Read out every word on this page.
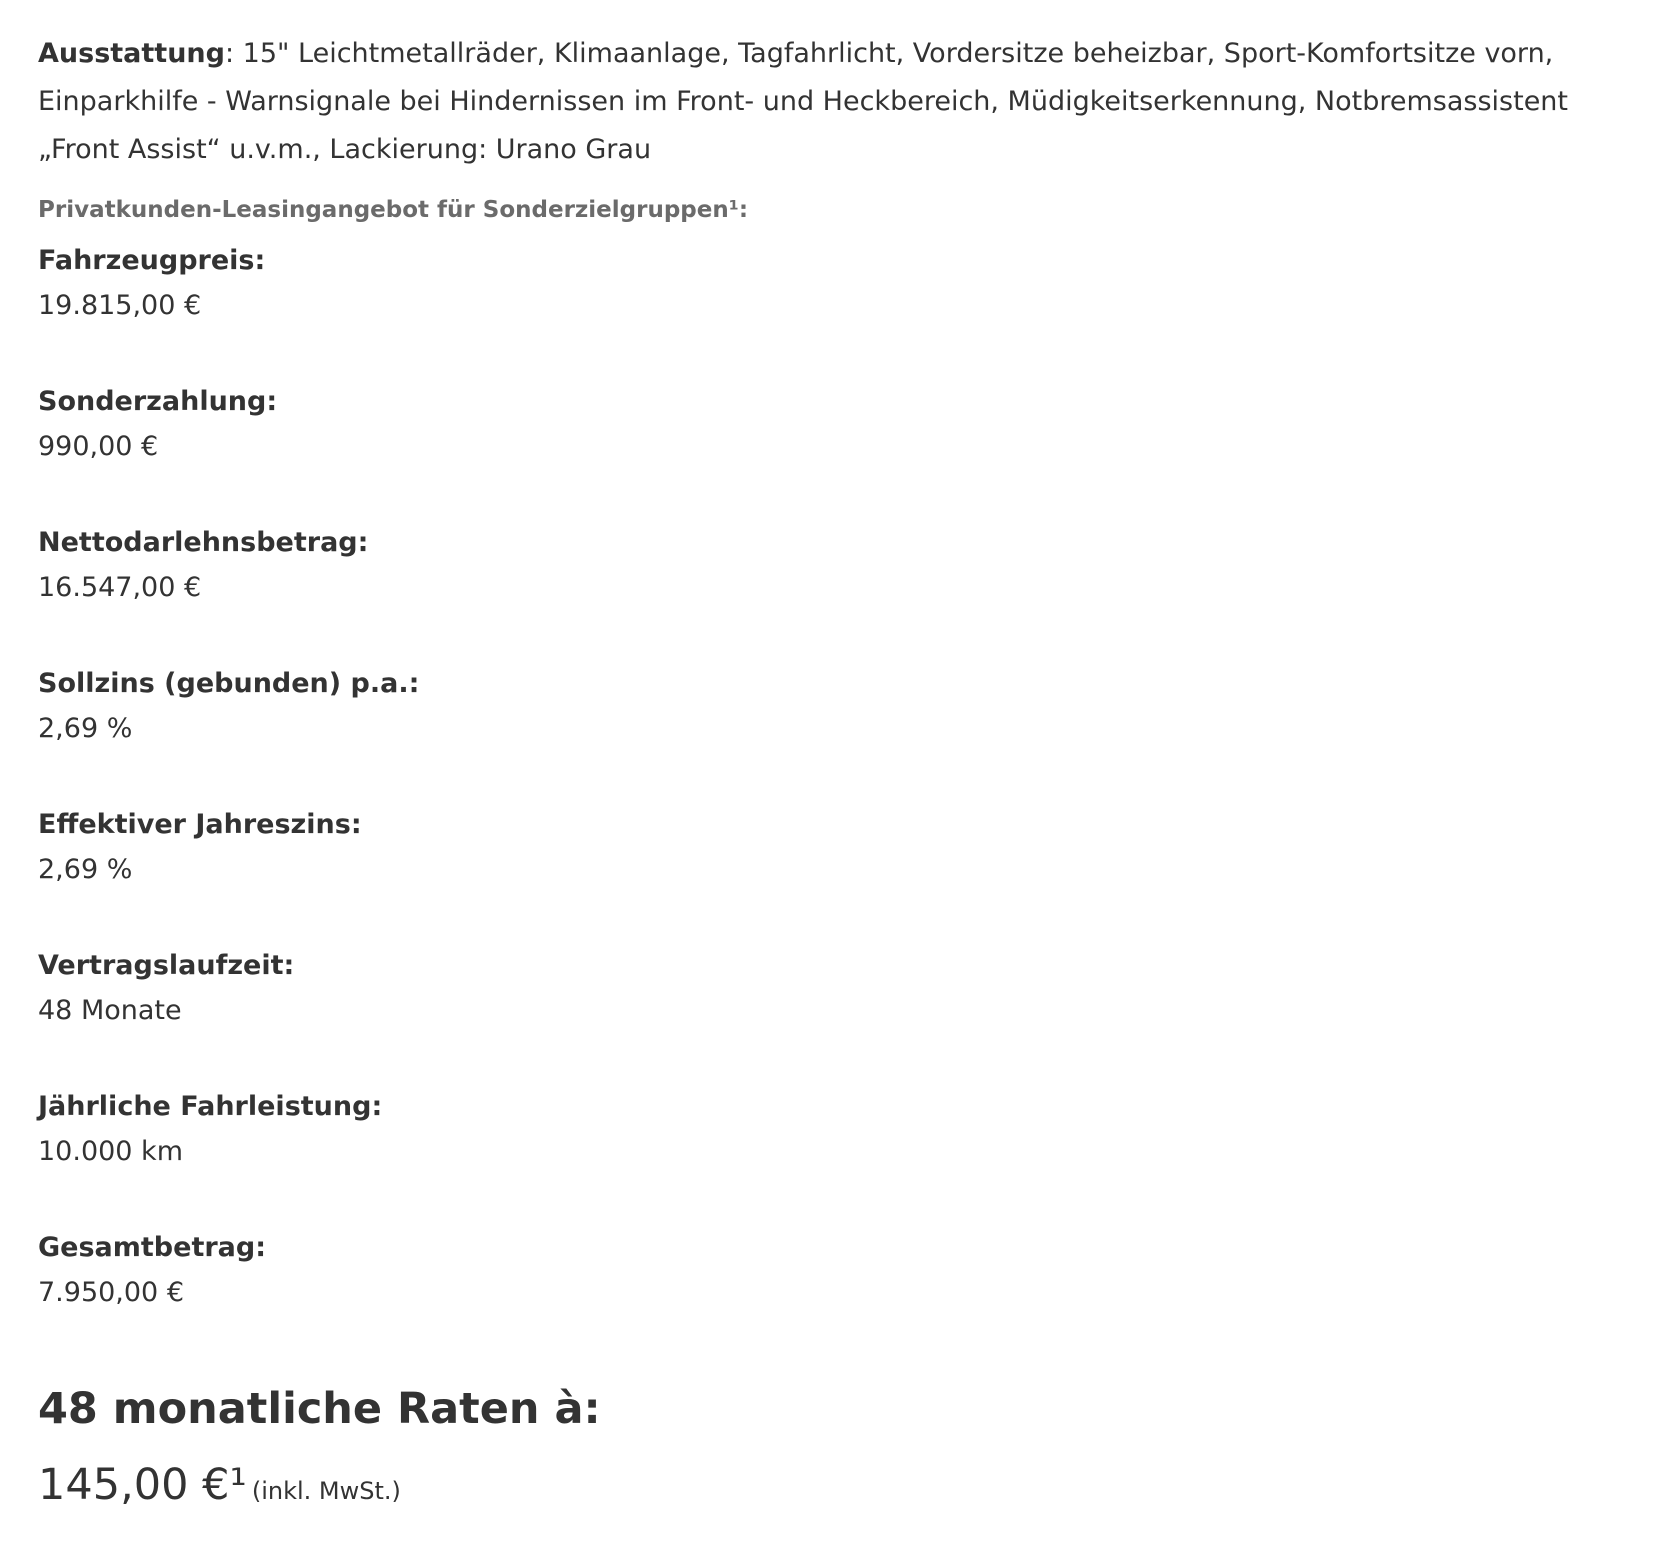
Ausstattung: 15" Leichtmetallräder, Klimaanlage, Tagfahrlicht, Vordersitze beheizbar, Sport-Komfortsitze vorn, Einparkhilfe - Warnsignale bei Hindernissen im Front- und Heckbereich, Müdigkeitserkennung, Notbremsassistent „Front Assist“ u.v.m., Lackierung: Urano Grau

Privatkunden-Leasingangebot für Sonderzielgruppen¹:
Fahrzeugpreis:
19.815,00 €
Sonderzahlung:
990,00 €
Nettodarlehnsbetrag:
16.547,00 €
Sollzins (gebunden) p.a.:
2,69 %
Effektiver Jahreszins:
2,69 %
Vertragslaufzeit:
48 Monate
Jährliche Fahrleistung:
10.000 km
Gesamtbetrag:
7.950,00 €
48 monatliche Raten à:
145,00 €¹ (inkl. MwSt.)
